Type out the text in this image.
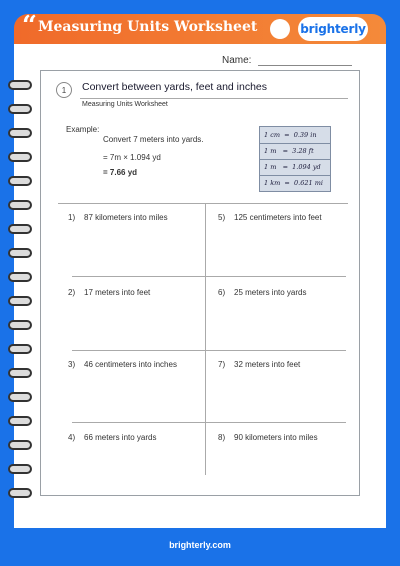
“ Measuring Units Worksheet	brighterly
Name:
1	Convert between yards, feet and inches
Measuring Units Worksheet
Example:
Convert 7 meters into yards.
= 7m × 1.094 yd
= 7.66 yd
1 cm  =  0.39 in
1 m   =  3.28 ft
1 m   =  1.094 yd
1 km  =  0.621 mi
1) 87 kilometers into miles	5) 125 centimeters into feet
2) 17 meters into feet	6) 25 meters into yards
3) 46 centimeters into inches	7) 32 meters into feet
4) 66 meters into yards	8) 90 kilometers into miles
brighterly.com
